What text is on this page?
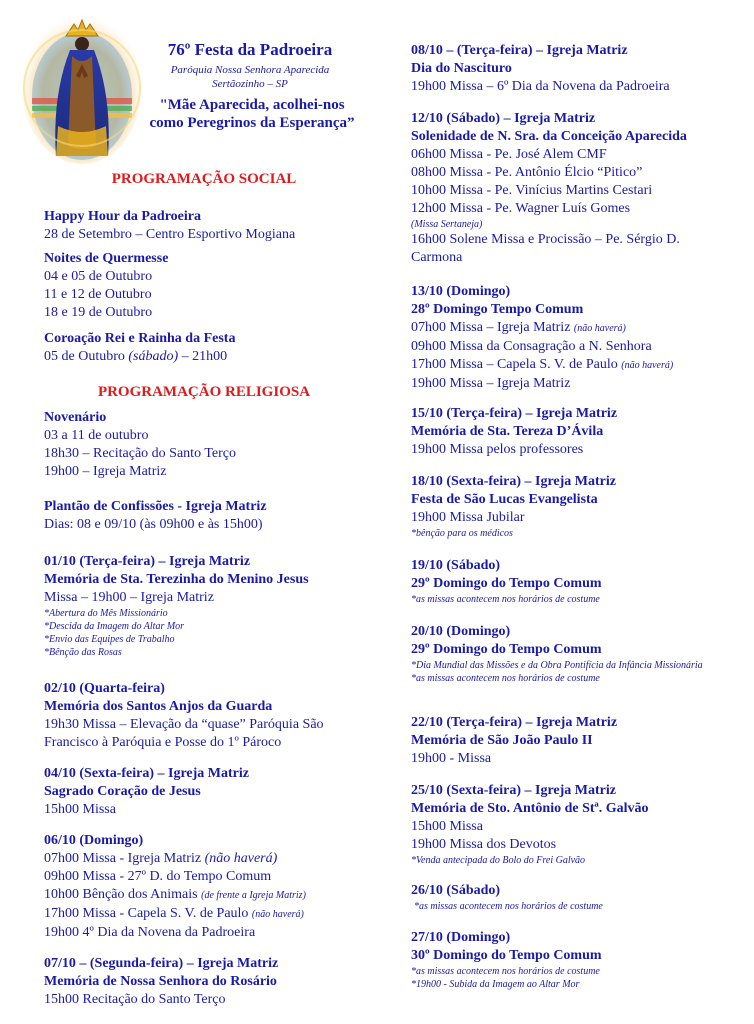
76º Festa da Padroeira
Paróquia Nossa Senhora Aparecida
Sertãozinho – SP
"Mãe Aparecida, acolhei-nos
como Peregrinos da Esperança”
PROGRAMAÇÃO SOCIAL
Happy Hour da Padroeira
28 de Setembro – Centro Esportivo Mogiana
Noites de Quermesse
04 e 05 de Outubro
11 e 12 de Outubro
18 e 19 de Outubro
Coroação Rei e Rainha da Festa
05 de Outubro (sábado) – 21h00
PROGRAMAÇÃO RELIGIOSA
Novenário
03 a 11 de outubro
18h30 – Recitação do Santo Terço
19h00 – Igreja Matriz
Plantão de Confissões - Igreja Matriz
Dias: 08 e 09/10 (às 09h00 e às 15h00)
01/10 (Terça-feira) – Igreja Matriz
Memória de Sta. Terezinha do Menino Jesus
Missa – 19h00 – Igreja Matriz
*Abertura do Mês Missionário
*Descida da Imagem do Altar Mor
*Envio das Equipes de Trabalho
*Bênção das Rosas
02/10 (Quarta-feira)
Memória dos Santos Anjos da Guarda
19h30 Missa – Elevação da “quase” Paróquia São Francisco à Paróquia e Posse do 1º Pároco
04/10 (Sexta-feira) – Igreja Matriz
Sagrado Coração de Jesus
15h00 Missa
06/10 (Domingo)
07h00 Missa - Igreja Matriz (não haverá)
09h00 Missa - 27º D. do Tempo Comum
10h00 Bênção dos Animais (de frente a Igreja Matriz)
17h00 Missa - Capela S. V. de Paulo (não haverá)
19h00 4º Dia da Novena da Padroeira
07/10 – (Segunda-feira) – Igreja Matriz
Memória de Nossa Senhora do Rosário
15h00 Recitação do Santo Terço
08/10 – (Terça-feira) – Igreja Matriz
Dia do Nascituro
19h00 Missa – 6º Dia da Novena da Padroeira
12/10 (Sábado) – Igreja Matriz
Solenidade de N. Sra. da Conceição Aparecida
06h00 Missa - Pe. José Alem CMF
08h00 Missa - Pe. Antônio Élcio “Pitico”
10h00 Missa - Pe. Vinícius Martins Cestari
12h00 Missa - Pe. Wagner Luís Gomes
(Missa Sertaneja)
16h00 Solene Missa e Procissão – Pe. Sérgio D. Carmona
13/10 (Domingo)
28º Domingo Tempo Comum
07h00 Missa – Igreja Matriz (não haverá)
09h00 Missa da Consagração a N. Senhora
17h00 Missa – Capela S. V. de Paulo (não haverá)
19h00 Missa – Igreja Matriz
15/10 (Terça-feira) – Igreja Matriz
Memória de Sta. Tereza D’Ávila
19h00 Missa pelos professores
18/10 (Sexta-feira) – Igreja Matriz
Festa de São Lucas Evangelista
19h00 Missa Jubilar
*bênção para os médicos
19/10 (Sábado)
29º Domingo do Tempo Comum
*as missas acontecem nos horários de costume
20/10 (Domingo)
29º Domingo do Tempo Comum
*Dia Mundial das Missões e da Obra Pontifícia da Infância Missionária
*as missas acontecem nos horários de costume
22/10 (Terça-feira) – Igreja Matriz
Memória de São João Paulo II
19h00 - Missa
25/10 (Sexta-feira) – Igreja Matriz
Memória de Sto. Antônio de Stª. Galvão
15h00 Missa
19h00 Missa dos Devotos
*Venda antecipada do Bolo do Frei Galvão
26/10 (Sábado)
*as missas acontecem nos horários de costume
27/10 (Domingo)
30º Domingo do Tempo Comum
*as missas acontecem nos horários de costume
*19h00 - Subida da Imagem ao Altar Mor
